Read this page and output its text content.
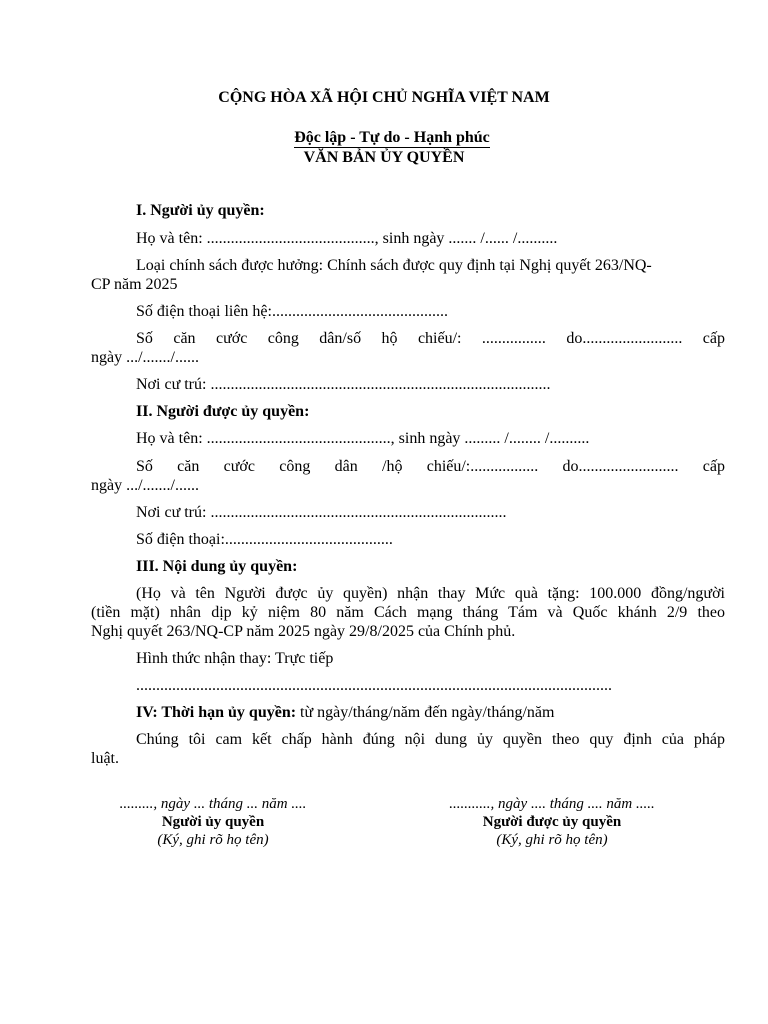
CỘNG HÒA XÃ HỘI CHỦ NGHĨA VIỆT NAM

Độc lập - Tự do - Hạnh phúc

VĂN BẢN ỦY QUYỀN
I. Người ủy quyền:
Họ và tên: .........................................., sinh ngày ....... /...... /..........
Loại chính sách được hưởng: Chính sách được quy định tại Nghị quyết 263/NQ-
CP năm 2025
Số điện thoại liên hệ:............................................
Số căn cước công dân/số hộ chiếu/: ................ do......................... cấp
ngày .../......./......
Nơi cư trú: .....................................................................................
II. Người được ủy quyền:
Họ và tên: .............................................., sinh ngày ......... /........ /..........
Số căn cước công dân /hộ chiếu/:................. do......................... cấp
ngày .../......./......
Nơi cư trú: ..........................................................................
Số điện thoại:..........................................
III. Nội dung ủy quyền:
(Họ và tên Người được ủy quyền) nhận thay Mức quà tặng: 100.000 đồng/người
(tiền mặt) nhân dịp kỷ niệm 80 năm Cách mạng tháng Tám và Quốc khánh 2/9 theo
Nghị quyết 263/NQ-CP năm 2025 ngày 29/8/2025 của Chính phủ.
Hình thức nhận thay: Trực tiếp
.......................................................................................................................
IV: Thời hạn ủy quyền: từ ngày/tháng/năm đến ngày/tháng/năm
Chúng tôi cam kết chấp hành đúng nội dung ủy quyền theo quy định của pháp
luật.
........., ngày ... tháng ... năm ....
Người ủy quyền
(Ký, ghi rõ họ tên)
..........., ngày .... tháng .... năm .....
Người được ủy quyền
(Ký, ghi rõ họ tên)
